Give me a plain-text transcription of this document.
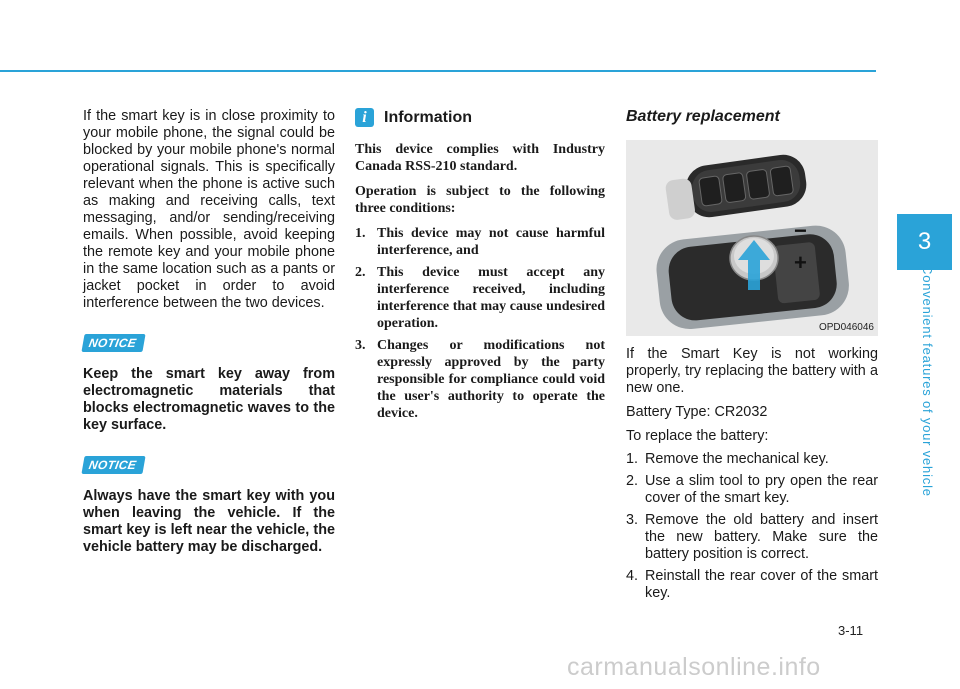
If the smart key is in close proximity to your mobile phone, the signal could be blocked by your mobile phone's normal operational signals. This is specifically relevant when the phone is active such as making and receiving calls, text messaging, and/or sending/receiving emails. When possible, avoid keeping the remote key and your mobile phone in the same location such as a pants or jacket pocket in order to avoid interference between the two devices.

NOTICE

Keep the smart key away from electromagnetic materials that blocks electromagnetic waves to the key surface.

NOTICE

Always have the smart key with you when leaving the vehicle. If the smart key is left near the vehicle, the vehicle battery may be discharged.

i	Information

This device complies with Industry Canada RSS-210 standard.

Operation is subject to the following three conditions:

1. This device may not cause harmful interference, and
2. This device must accept any interference received, including interference that may cause undesired operation.
3. Changes or modifications not expressly approved by the party responsible for compliance could void the user's authority to operate the device.

Battery replacement

−
+
OPD046046

If the Smart Key is not working properly, try replacing the battery with a new one.

Battery Type: CR2032

To replace the battery:

1. Remove the mechanical key.
2. Use a slim tool to pry open the rear cover of the smart key.
3. Remove the old battery and insert the new battery. Make sure the battery position is correct.
4. Reinstall the rear cover of the smart key.
3
Convenient features of your vehicle
3-11
carmanualsonline.info
